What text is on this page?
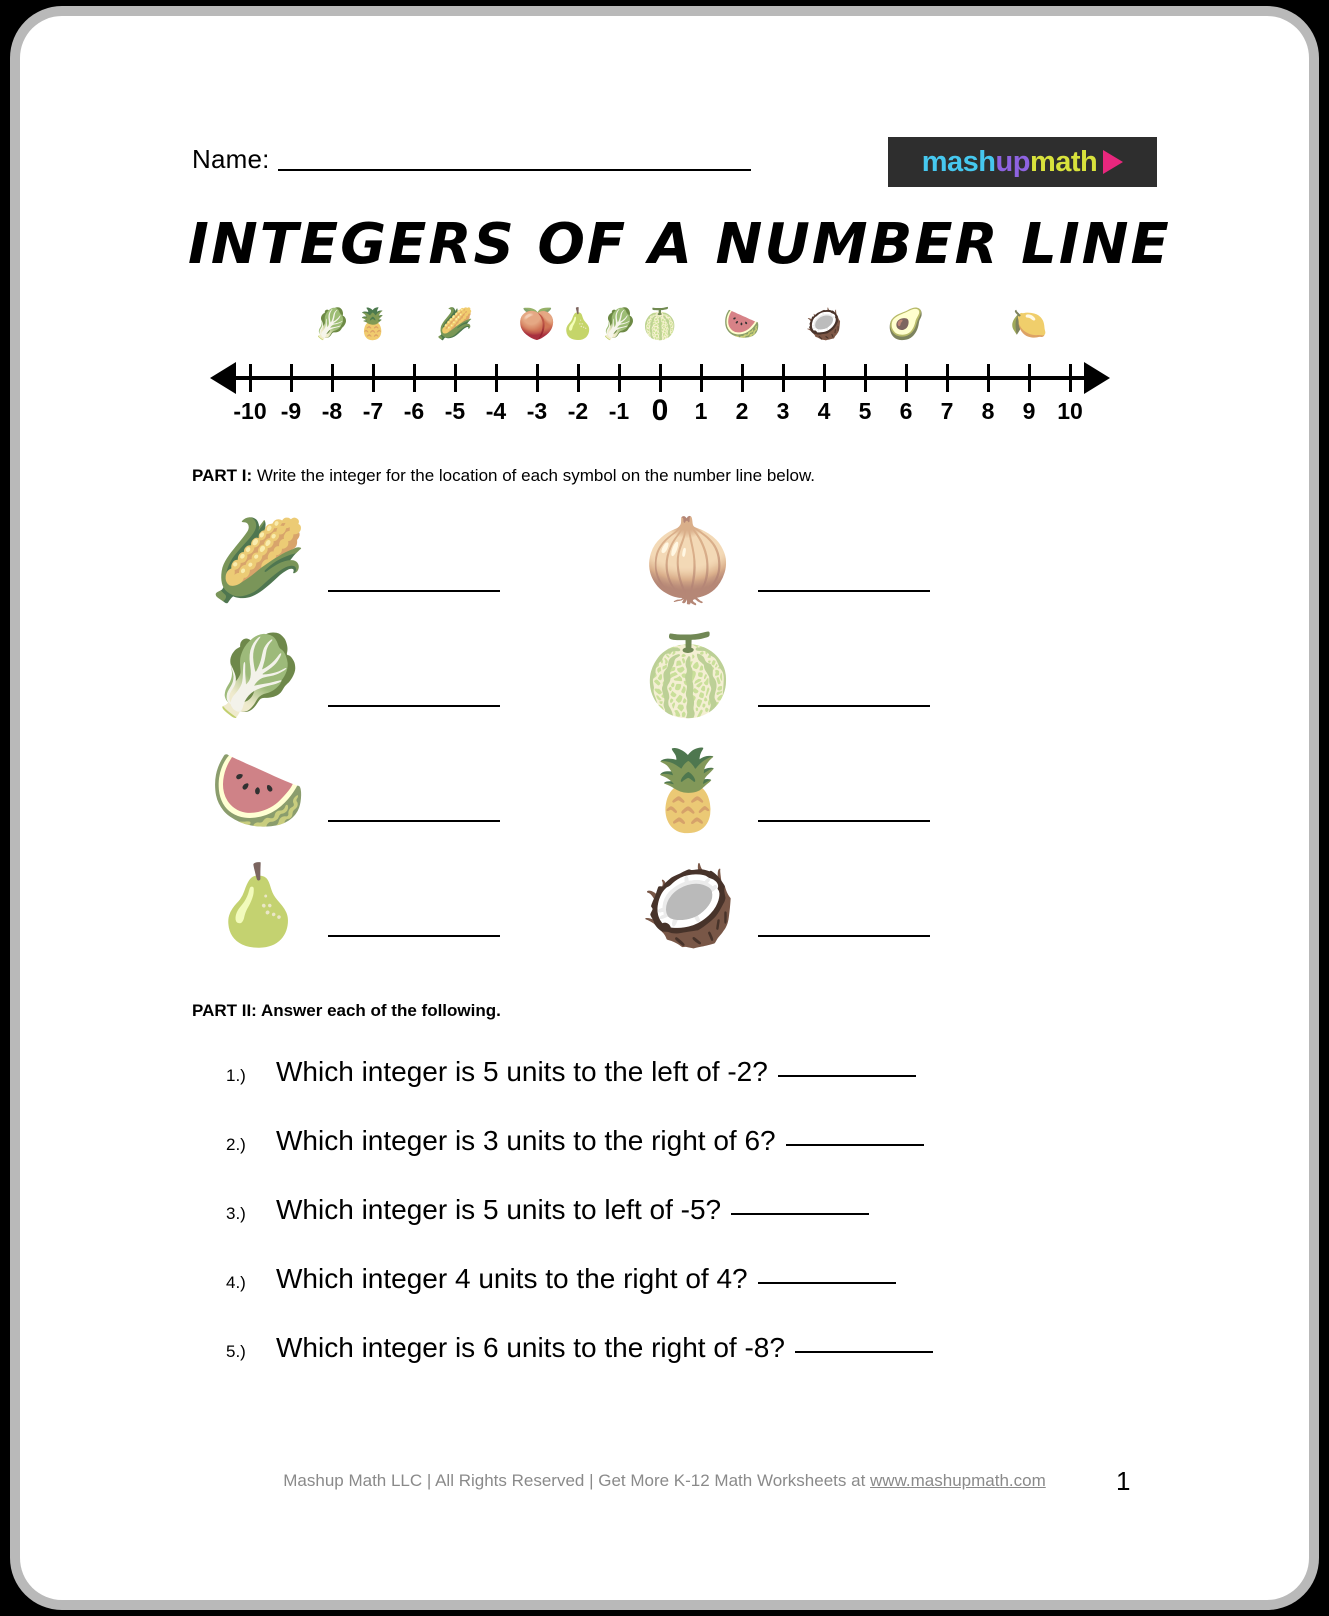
Name:	mash up math
INTEGERS OF A NUMBER LINE
-10 -9 -8 -7 -6 -5 -4 -3 -2 -1 0 1 2 3 4 5 6 7 8 9 10
🥬 🍍 🌽 🍑 🍐 🥬 🍈 🍉 🥥 🥑	🍋
PART I: Write the integer for the location of each symbol on the number line below.
🌽
🥬
🍉
🍐
🧅
🍈
🍍
🥥
PART II: Answer each of the following.
1.)	Which integer is 5 units to the left of -2?
2.)	Which integer is 3 units to the right of 6?
3.)	Which integer is 5 units to left of -5?
4.)	Which integer 4 units to the right of 4?
5.)	Which integer is 6 units to the right of -8?
Mashup Math LLC | All Rights Reserved | Get More K-12 Math Worksheets at www.mashupmath.com	1
